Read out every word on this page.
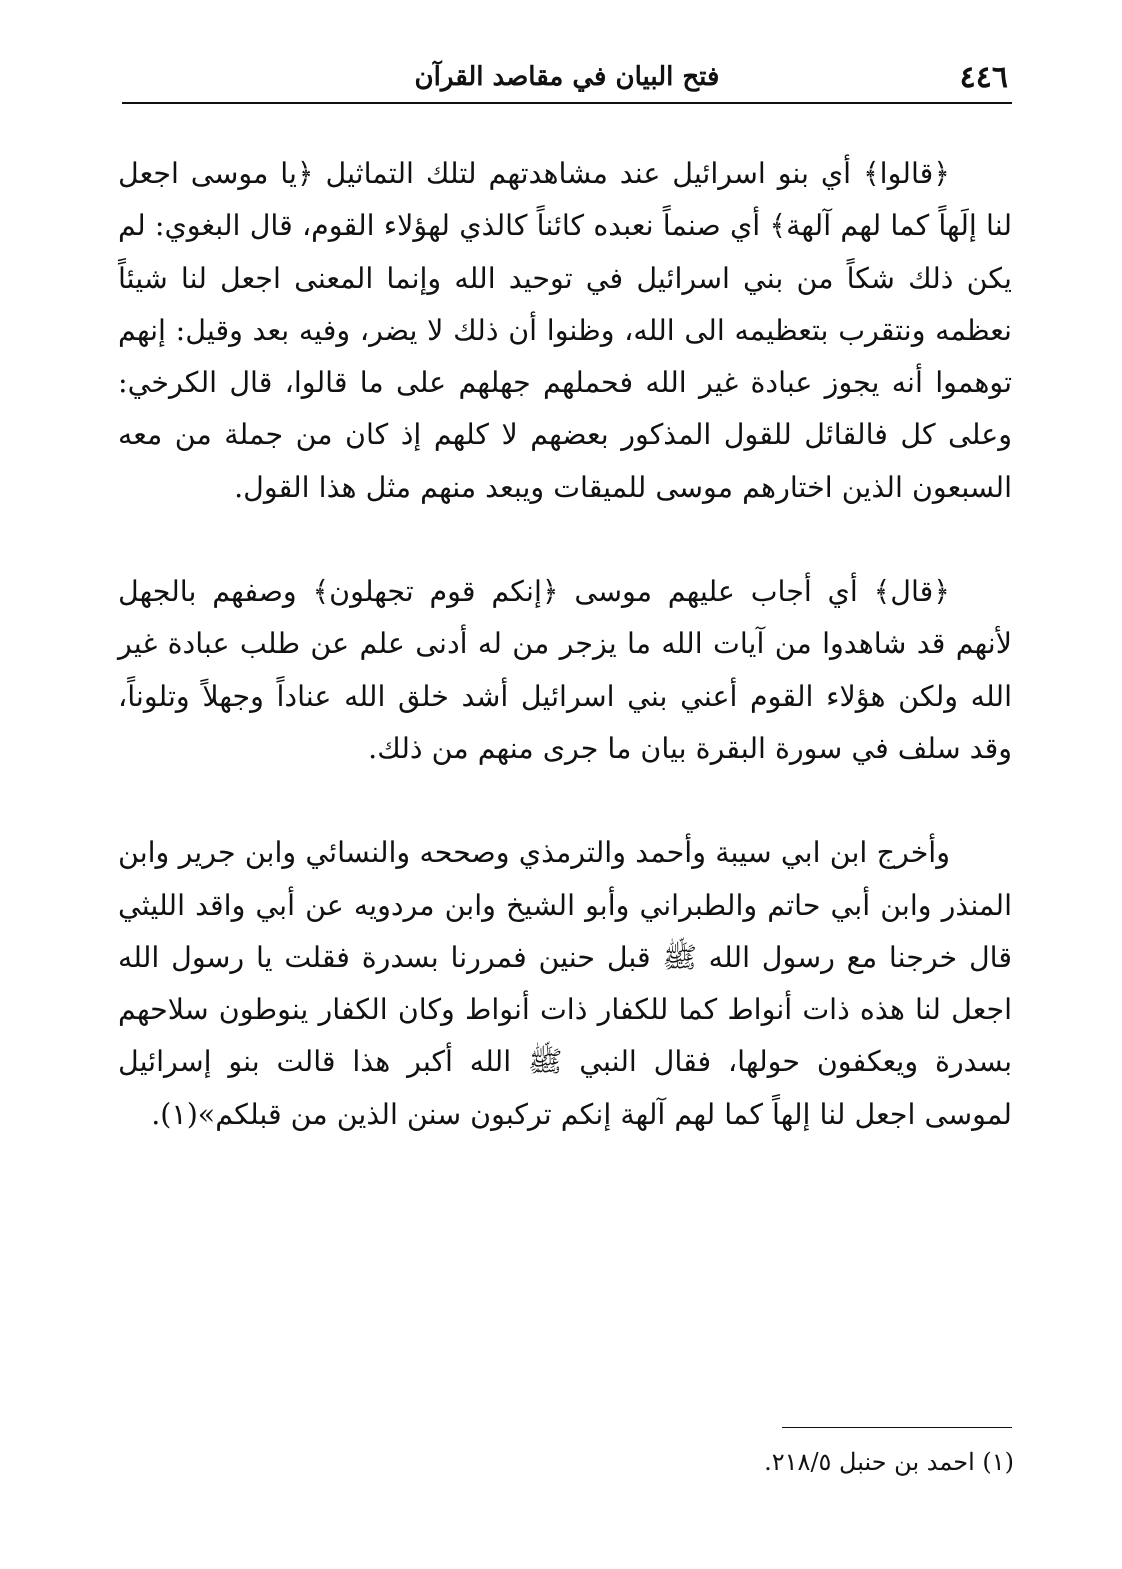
٤٤٦
فتح البيان في مقاصد القرآن

﴿قالوا﴾ أي بنو اسرائيل عند مشاهدتهم لتلك التماثيل ﴿يا موسى اجعل لنا إلَهاً كما لهم آلهة﴾ أي صنماً نعبده كائناً كالذي لهؤلاء القوم، قال البغوي: لم يكن ذلك شكاً من بني اسرائيل في توحيد الله وإنما المعنى اجعل لنا شيئاً نعظمه ونتقرب بتعظيمه الى الله، وظنوا أن ذلك لا يضر، وفيه بعد وقيل: إنهم توهموا أنه يجوز عبادة غير الله فحملهم جهلهم على ما قالوا، قال الكرخي: وعلى كل فالقائل للقول المذكور بعضهم لا كلهم إذ كان من جملة من معه السبعون الذين اختارهم موسى للميقات ويبعد منهم مثل هذا القول.

﴿قال﴾ أي أجاب عليهم موسى ﴿إنكم قوم تجهلون﴾ وصفهم بالجهل لأنهم قد شاهدوا من آيات الله ما يزجر من له أدنى علم عن طلب عبادة غير الله ولكن هؤلاء القوم أعني بني اسرائيل أشد خلق الله عناداً وجهلاً وتلوناً، وقد سلف في سورة البقرة بيان ما جرى منهم من ذلك.

وأخرج ابن ابي سيبة وأحمد والترمذي وصححه والنسائي وابن جرير وابن المنذر وابن أبي حاتم والطبراني وأبو الشيخ وابن مردويه عن أبي واقد الليثي قال خرجنا مع رسول الله ﷺ قبل حنين فمررنا بسدرة فقلت يا رسول الله اجعل لنا هذه ذات أنواط كما للكفار ذات أنواط وكان الكفار ينوطون سلاحهم بسدرة ويعكفون حولها، فقال النبي ﷺ الله أكبر هذا قالت بنو إسرائيل لموسى اجعل لنا إلهاً كما لهم آلهة إنكم تركبون سنن الذين من قبلكم»(١).

(١) احمد بن حنبل ٢١٨/٥.
